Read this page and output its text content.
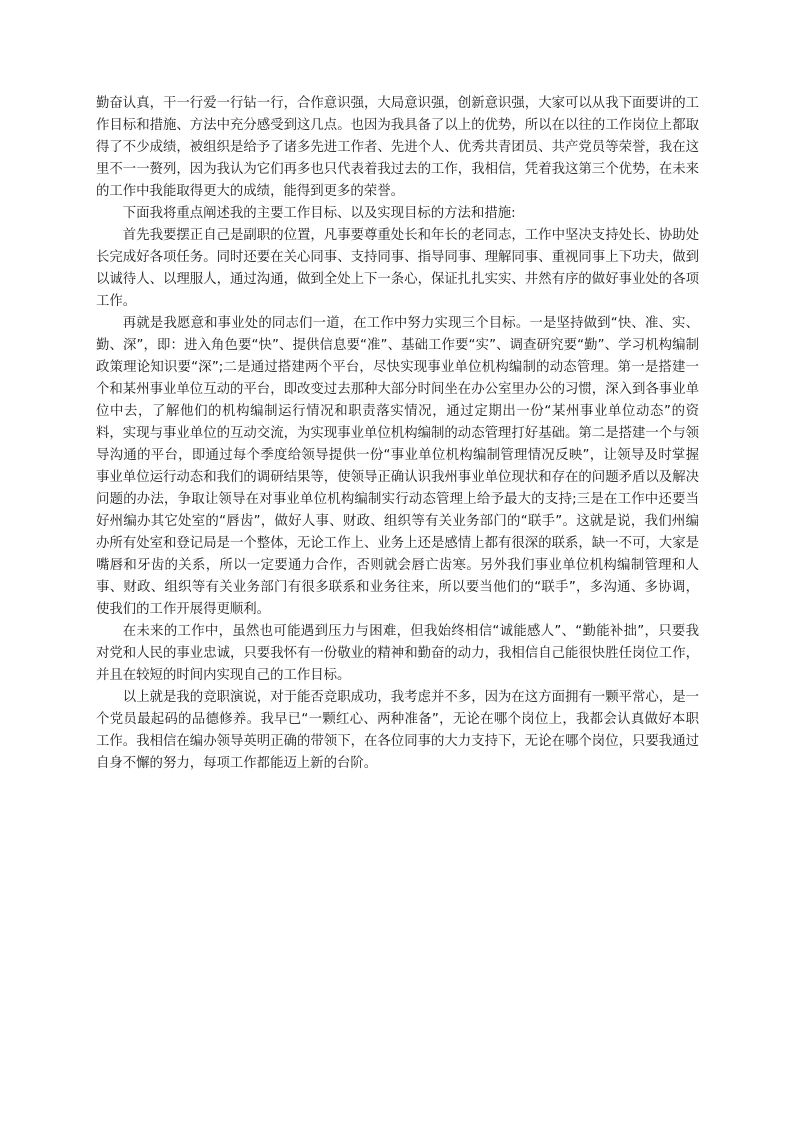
勤奋认真，干一行爱一行钻一行，合作意识强，大局意识强，创新意识强，大家可以从我下面要讲的工作目标和措施、方法中充分感受到这几点。也因为我具备了以上的优势，所以在以往的工作岗位上都取得了不少成绩，被组织是给予了诸多先进工作者、先进个人、优秀共青团员、共产党员等荣誉，我在这里不一一赘列，因为我认为它们再多也只代表着我过去的工作，我相信，凭着我这第三个优势，在未来的工作中我能取得更大的成绩，能得到更多的荣誉。

下面我将重点阐述我的主要工作目标、以及实现目标的方法和措施:

首先我要摆正自己是副职的位置，凡事要尊重处长和年长的老同志，工作中坚决支持处长、协助处长完成好各项任务。同时还要在关心同事、支持同事、指导同事、理解同事、重视同事上下功夫，做到以诚待人、以理服人，通过沟通，做到全处上下一条心，保证扎扎实实、井然有序的做好事业处的各项工作。

再就是我愿意和事业处的同志们一道，在工作中努力实现三个目标。一是坚持做到“快、准、实、勤、深”，即：进入角色要“快”、提供信息要“准”、基础工作要“实”、调查研究要“勤”、学习机构编制政策理论知识要“深”;二是通过搭建两个平台，尽快实现事业单位机构编制的动态管理。第一是搭建一个和某州事业单位互动的平台，即改变过去那种大部分时间坐在办公室里办公的习惯，深入到各事业单位中去，了解他们的机构编制运行情况和职责落实情况，通过定期出一份“某州事业单位动态”的资料，实现与事业单位的互动交流，为实现事业单位机构编制的动态管理打好基础。第二是搭建一个与领导沟通的平台，即通过每个季度给领导提供一份“事业单位机构编制管理情况反映”，让领导及时掌握事业单位运行动态和我们的调研结果等，使领导正确认识我州事业单位现状和存在的问题矛盾以及解决问题的办法，争取让领导在对事业单位机构编制实行动态管理上给予最大的支持;三是在工作中还要当好州编办其它处室的“唇齿”，做好人事、财政、组织等有关业务部门的“联手”。这就是说，我们州编办所有处室和登记局是一个整体，无论工作上、业务上还是感情上都有很深的联系，缺一不可，大家是嘴唇和牙齿的关系，所以一定要通力合作，否则就会唇亡齿寒。另外我们事业单位机构编制管理和人事、财政、组织等有关业务部门有很多联系和业务往来，所以要当他们的“联手”，多沟通、多协调，使我们的工作开展得更顺利。

在未来的工作中，虽然也可能遇到压力与困难，但我始终相信“诚能感人”、“勤能补拙”，只要我对党和人民的事业忠诚，只要我怀有一份敬业的精神和勤奋的动力，我相信自己能很快胜任岗位工作，并且在较短的时间内实现自己的工作目标。

以上就是我的竞职演说，对于能否竞职成功，我考虑并不多，因为在这方面拥有一颗平常心，是一个党员最起码的品德修养。我早已“一颗红心、两种准备”，无论在哪个岗位上，我都会认真做好本职工作。我相信在编办领导英明正确的带领下，在各位同事的大力支持下，无论在哪个岗位，只要我通过自身不懈的努力，每项工作都能迈上新的台阶。
